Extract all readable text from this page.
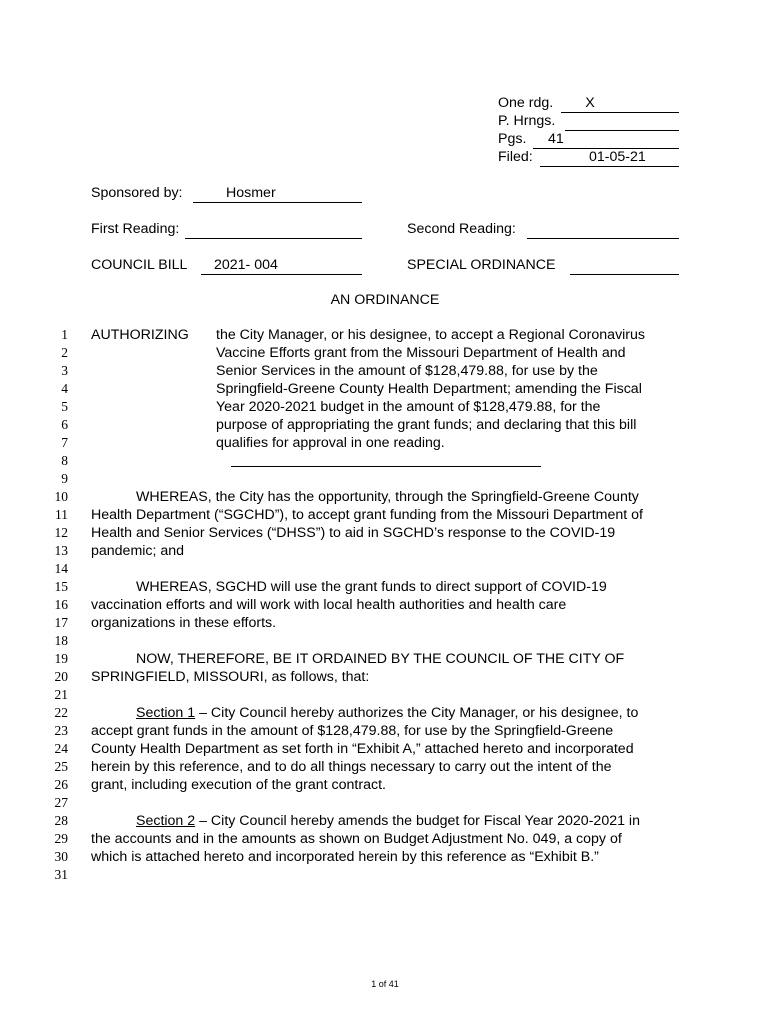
One rdg.	X
P. Hrngs.
Pgs.	41
Filed:	01-05-21
Sponsored by:	Hosmer
First Reading:	Second Reading:
COUNCIL BILL	2021- 004	SPECIAL ORDINANCE
AN ORDINANCE
1
2
3
4
5
6
7
8
9
10
11
12
13
14
15
16
17
18
19
20
21
22
23
24
25
26
27
28
29
30
31
AUTHORIZING the City Manager, or his designee, to accept a Regional Coronavirus
Vaccine Efforts grant from the Missouri Department of Health and
Senior Services in the amount of $128,479.88, for use by the
Springfield-Greene County Health Department; amending the Fiscal
Year 2020-2021 budget in the amount of $128,479.88, for the
purpose of appropriating the grant funds; and declaring that this bill
qualifies for approval in one reading.
WHEREAS, the City has the opportunity, through the Springfield-Greene County
Health Department (“SGCHD”), to accept grant funding from the Missouri Department of
Health and Senior Services (“DHSS”) to aid in SGCHD’s response to the COVID-19
pandemic; and
WHEREAS, SGCHD will use the grant funds to direct support of COVID-19
vaccination efforts and will work with local health authorities and health care
organizations in these efforts.
NOW, THEREFORE, BE IT ORDAINED BY THE COUNCIL OF THE CITY OF
SPRINGFIELD, MISSOURI, as follows, that:
Section 1 – City Council hereby authorizes the City Manager, or his designee, to
accept grant funds in the amount of $128,479.88, for use by the Springfield-Greene
County Health Department as set forth in “Exhibit A,” attached hereto and incorporated
herein by this reference, and to do all things necessary to carry out the intent of the
grant, including execution of the grant contract.
Section 2 – City Council hereby amends the budget for Fiscal Year 2020-2021 in
the accounts and in the amounts as shown on Budget Adjustment No. 049, a copy of
which is attached hereto and incorporated herein by this reference as “Exhibit B.”
1 of 41
